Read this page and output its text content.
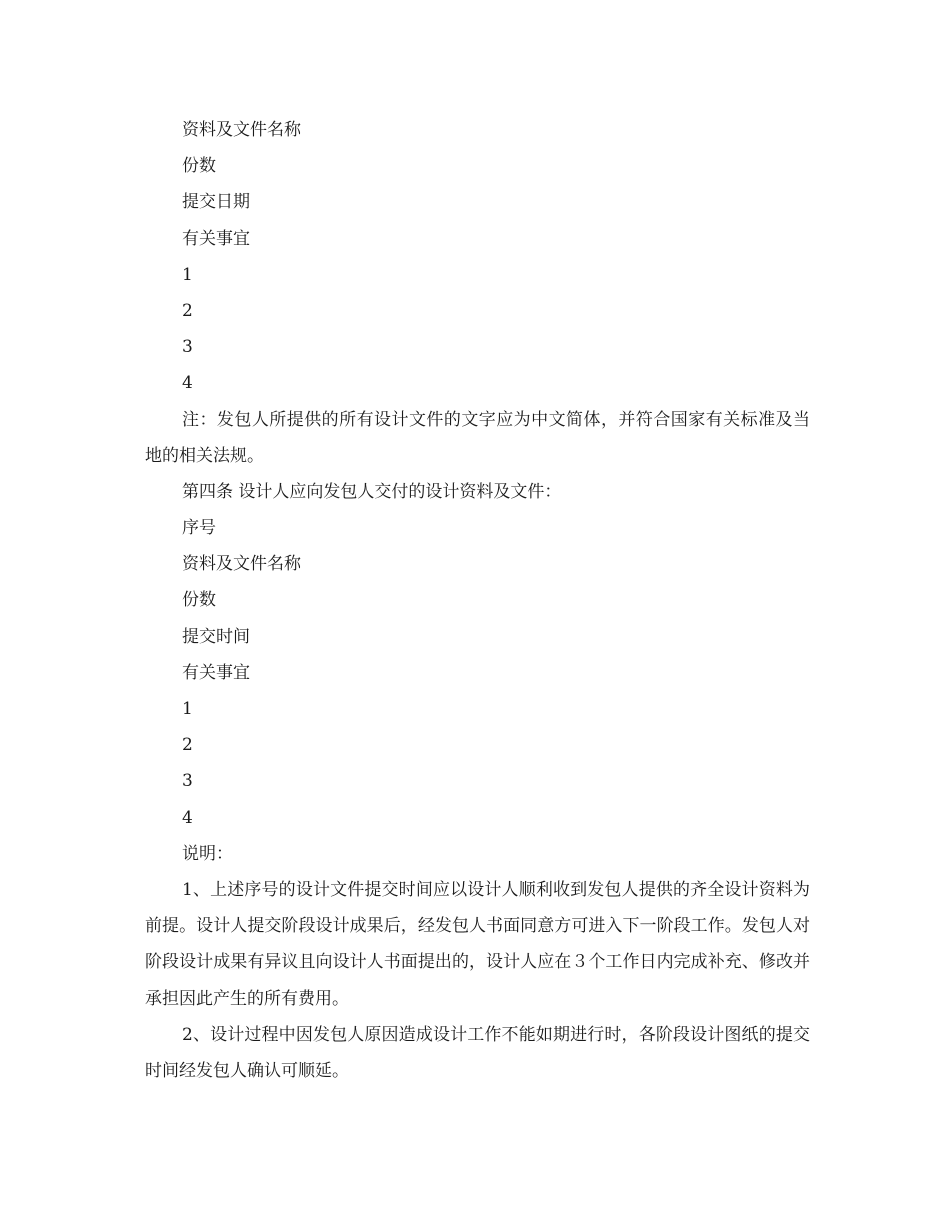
资料及文件名称

份数

提交日期

有关事宜

1

2

3

4

注：发包人所提供的所有设计文件的文字应为中文简体，并符合国家有关标准及当地的相关法规。

第四条 设计人应向发包人交付的设计资料及文件：

序号

资料及文件名称

份数

提交时间

有关事宜

1

2

3

4

说明：

1、上述序号的设计文件提交时间应以设计人顺利收到发包人提供的齐全设计资料为前提。设计人提交阶段设计成果后，经发包人书面同意方可进入下一阶段工作。发包人对阶段设计成果有异议且向设计人书面提出的，设计人应在３个工作日内完成补充、修改并承担因此产生的所有费用。

2、设计过程中因发包人原因造成设计工作不能如期进行时，各阶段设计图纸的提交时间经发包人确认可顺延。
